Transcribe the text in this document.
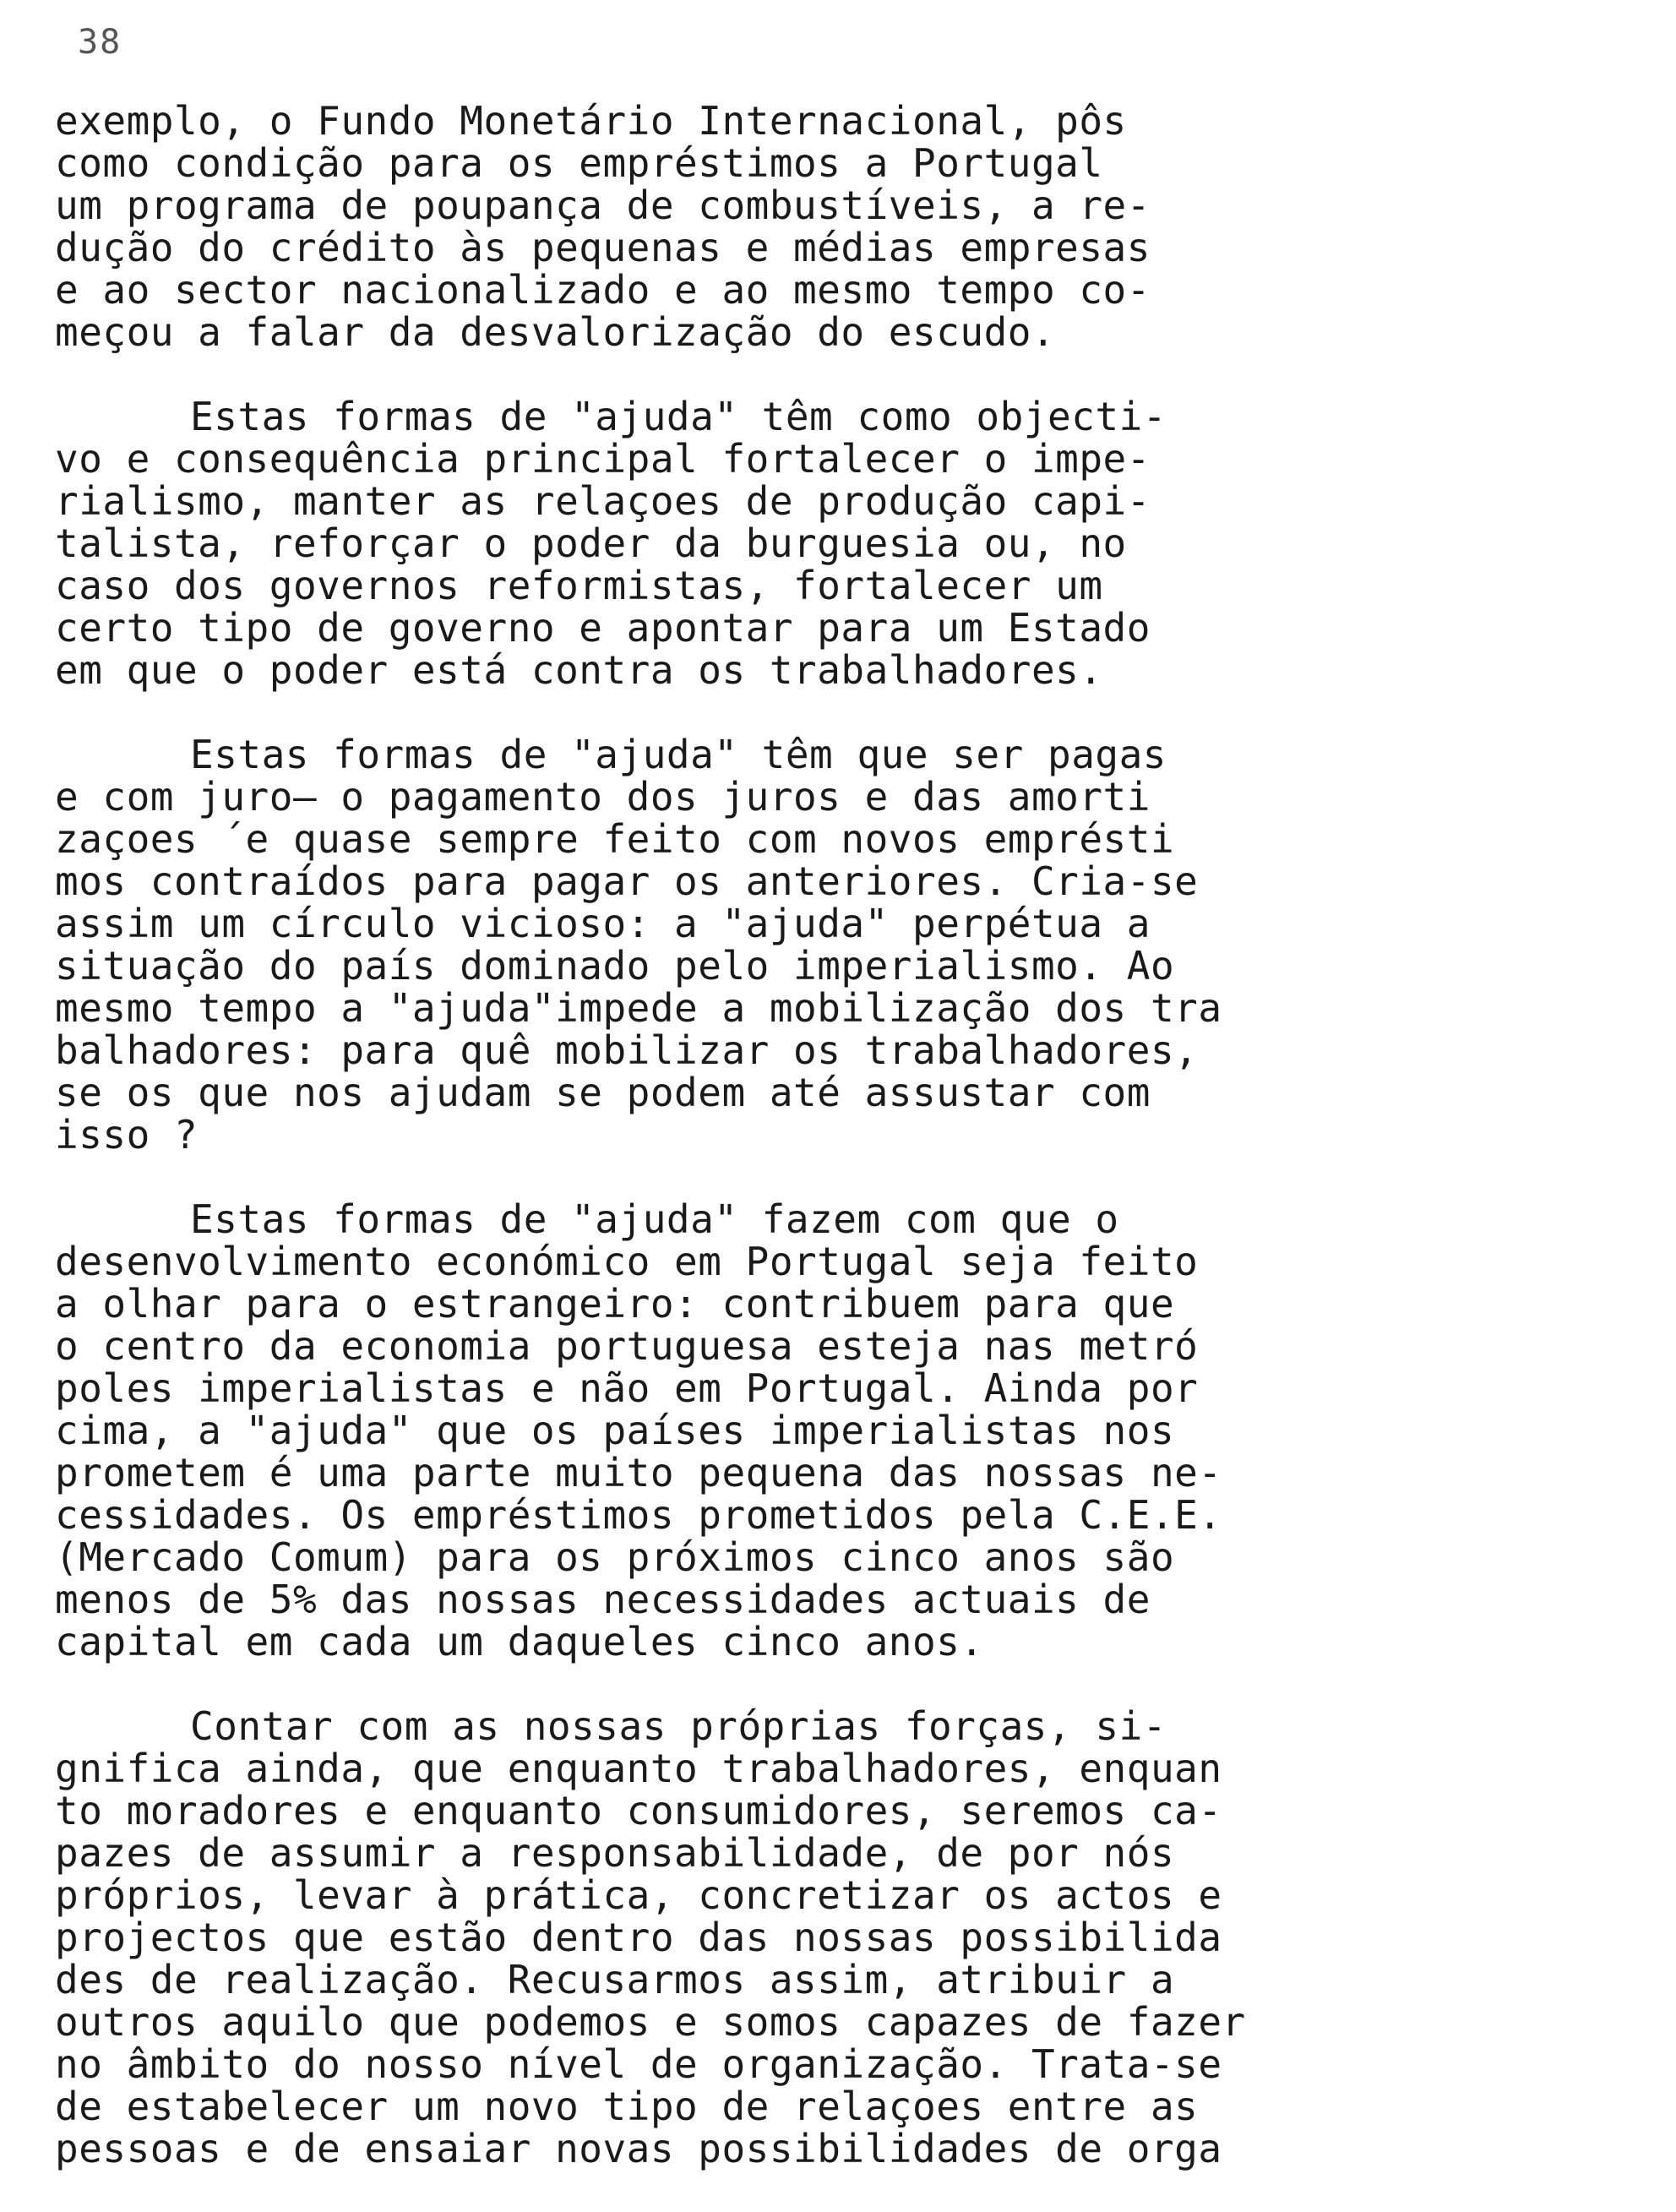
38
exemplo, o Fundo Monetário Internacional, pôs
como condição para os empréstimos a Portugal
um programa de poupança de combustíveis, a re-
dução do crédito às pequenas e médias empresas
e ao sector nacionalizado e ao mesmo tempo co-
meçou a falar da desvalorização do escudo.
Estas formas de "ajuda" têm como objecti-
vo e consequência principal fortalecer o impe-
rialismo, manter as relaçoes de produção capi-
talista, reforçar o poder da burguesia ou, no
caso dos governos reformistas, fortalecer um
certo tipo de governo e apontar para um Estado
em que o poder está contra os trabalhadores.
Estas formas de "ajuda" têm que ser pagas
e com juro— o pagamento dos juros e das amorti
zaçoes ´e quase sempre feito com novos emprésti
mos contraídos para pagar os anteriores. Cria-se
assim um círculo vicioso: a "ajuda" perpétua a
situação do país dominado pelo imperialismo. Ao
mesmo tempo a "ajuda"impede a mobilização dos tra
balhadores: para quê mobilizar os trabalhadores,
se os que nos ajudam se podem até assustar com
isso ?
Estas formas de "ajuda" fazem com que o
desenvolvimento económico em Portugal seja feito
a olhar para o estrangeiro: contribuem para que
o centro da economia portuguesa esteja nas metró
poles imperialistas e não em Portugal. Ainda por
cima, a "ajuda" que os países imperialistas nos
prometem é uma parte muito pequena das nossas ne-
cessidades. Os empréstimos prometidos pela C.E.E.
(Mercado Comum) para os próximos cinco anos são
menos de 5% das nossas necessidades actuais de
capital em cada um daqueles cinco anos.
Contar com as nossas próprias forças, si-
gnifica ainda, que enquanto trabalhadores, enquan
to moradores e enquanto consumidores, seremos ca-
pazes de assumir a responsabilidade, de por nós
próprios, levar à prática, concretizar os actos e
projectos que estão dentro das nossas possibilida
des de realização. Recusarmos assim, atribuir a
outros aquilo que podemos e somos capazes de fazer
no âmbito do nosso nível de organização. Trata-se
de estabelecer um novo tipo de relaçoes entre as
pessoas e de ensaiar novas possibilidades de orga
